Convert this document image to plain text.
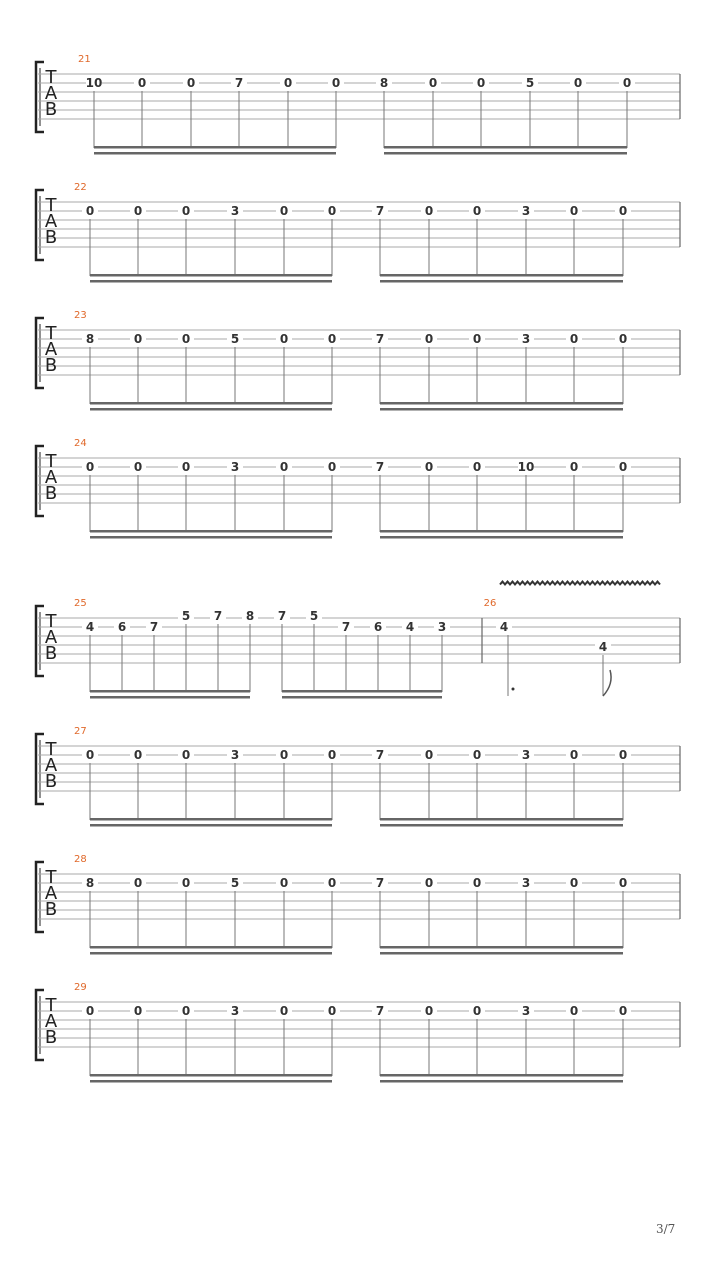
T
A
B
21
10	0	0	7	0	0	8	0	0	5	0	0
T
A
B
22
0	0	0	3	0	0	7	0	0	3	0	0
T
A
B
23
8	0	0	5	0	0	7	0	0	3	0	0
T
A
B
24
0	0	0	3	0	0	7	0	0	10	0	0
T
A
B
25
4 6 7
5 7 8 7 5
7 6 4 3
26
4
4
T
A
B
27
0	0	0	3	0	0	7	0	0	3	0	0
T
A
B
28
8	0	0	5	0	0	7	0	0	3	0	0
T
A
B
29
0	0	0	3	0	0	7	0	0	3	0	0
3/7
